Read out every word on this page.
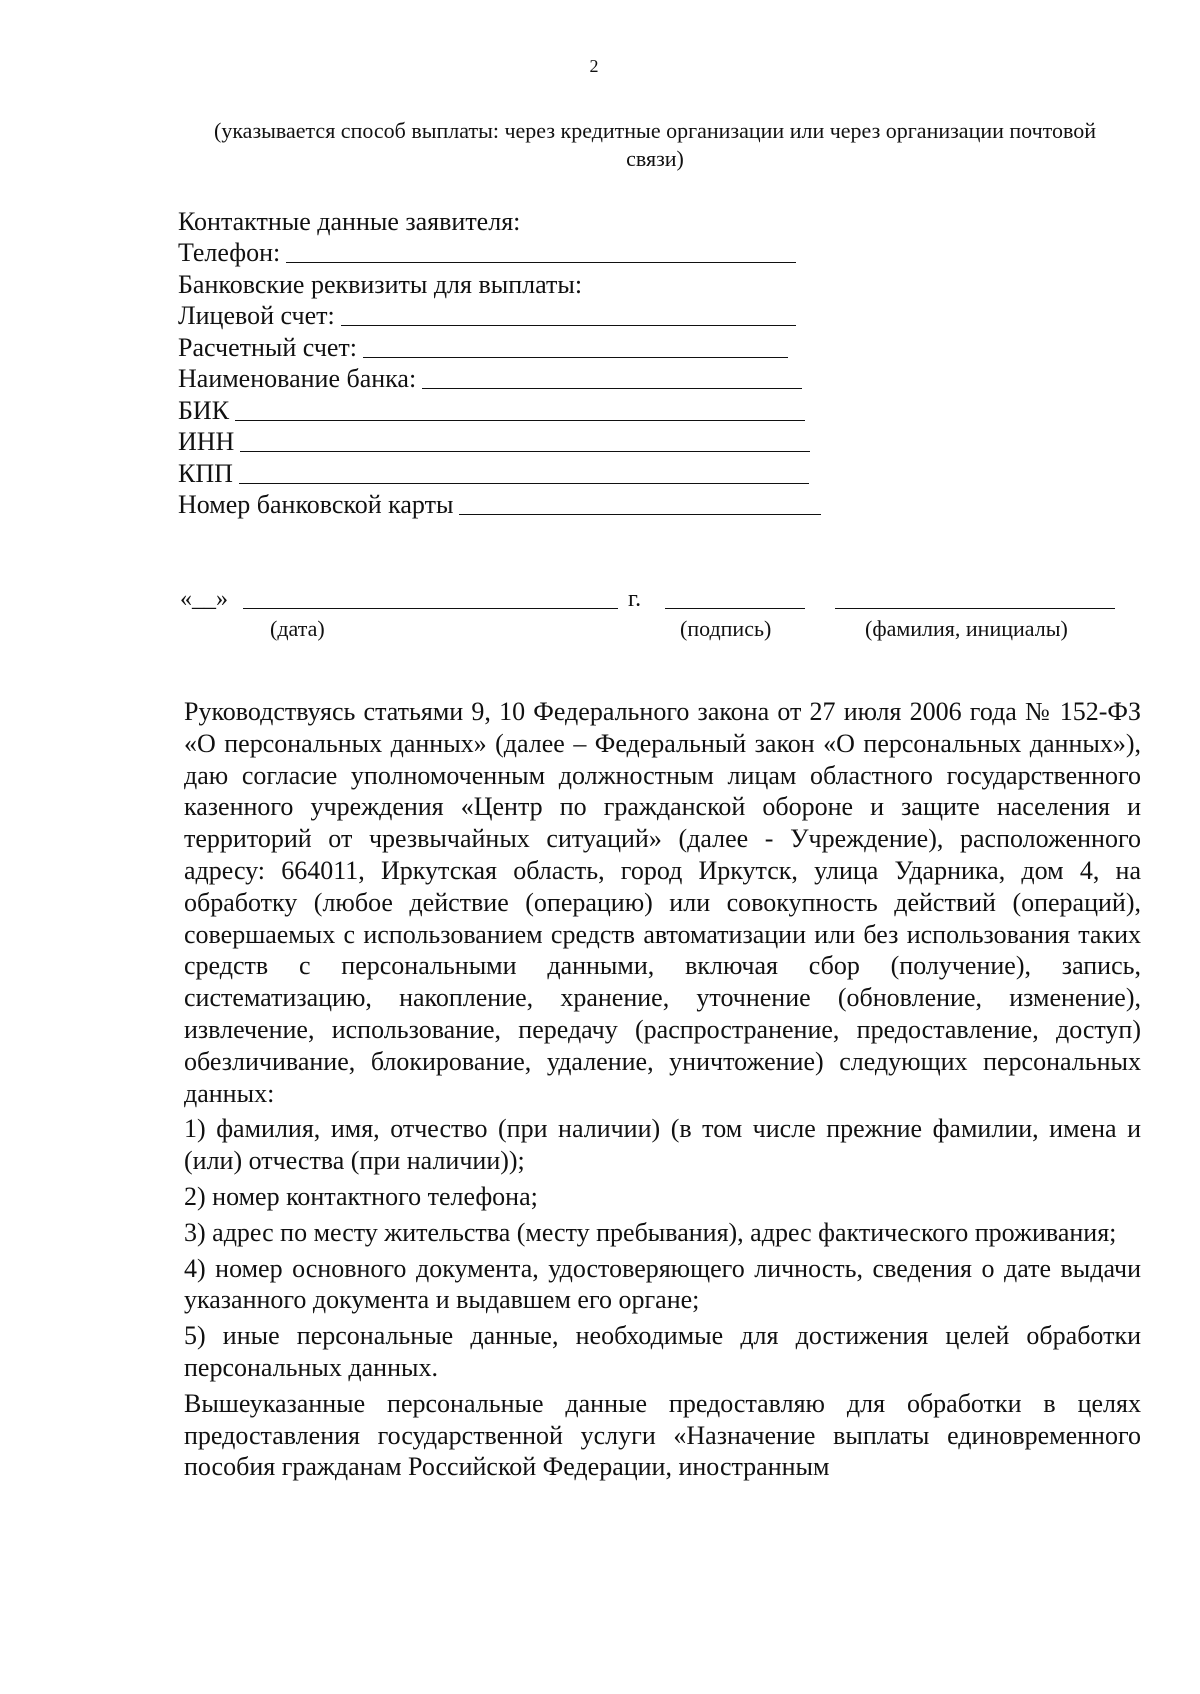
2
(указывается способ выплаты: через кредитные организации или через организации почтовой связи)
Контактные данные заявителя:
Телефон:
Банковские реквизиты для выплаты:
Лицевой счет:
Расчетный счет:
Наименование банка:
БИК
ИНН
КПП
Номер банковской карты
«__»	г.
(дата)	(подпись)	(фамилия, инициалы)

Руководствуясь статьями 9, 10 Федерального закона от 27 июля 2006 года № 152-ФЗ «О персональных данных» (далее – Федеральный закон «О персональных данных»), даю согласие уполномоченным должностным лицам областного государственного казенного учреждения «Центр по гражданской обороне и защите населения и территорий от чрезвычайных ситуаций» (далее - Учреждение), расположенного адресу: 664011, Иркутская область, город Иркутск, улица Ударника, дом 4, на обработку (любое действие (операцию) или совокупность действий (операций), совершаемых с использованием средств автоматизации или без использования таких средств с персональными данными, включая сбор (получение), запись, систематизацию, накопление, хранение, уточнение (обновление, изменение), извлечение, использование, передачу (распространение, предоставление, доступ) обезличивание, блокирование, удаление, уничтожение) следующих персональных данных:

1) фамилия, имя, отчество (при наличии) (в том числе прежние фамилии, имена и (или) отчества (при наличии));

2) номер контактного телефона;

3) адрес по месту жительства (месту пребывания), адрес фактического проживания;

4) номер основного документа, удостоверяющего личность, сведения о дате выдачи указанного документа и выдавшем его органе;

5) иные персональные данные, необходимые для достижения целей обработки персональных данных.

Вышеуказанные персональные данные предоставляю для обработки в целях предоставления государственной услуги «Назначение выплаты единовременного пособия гражданам Российской Федерации, иностранным
